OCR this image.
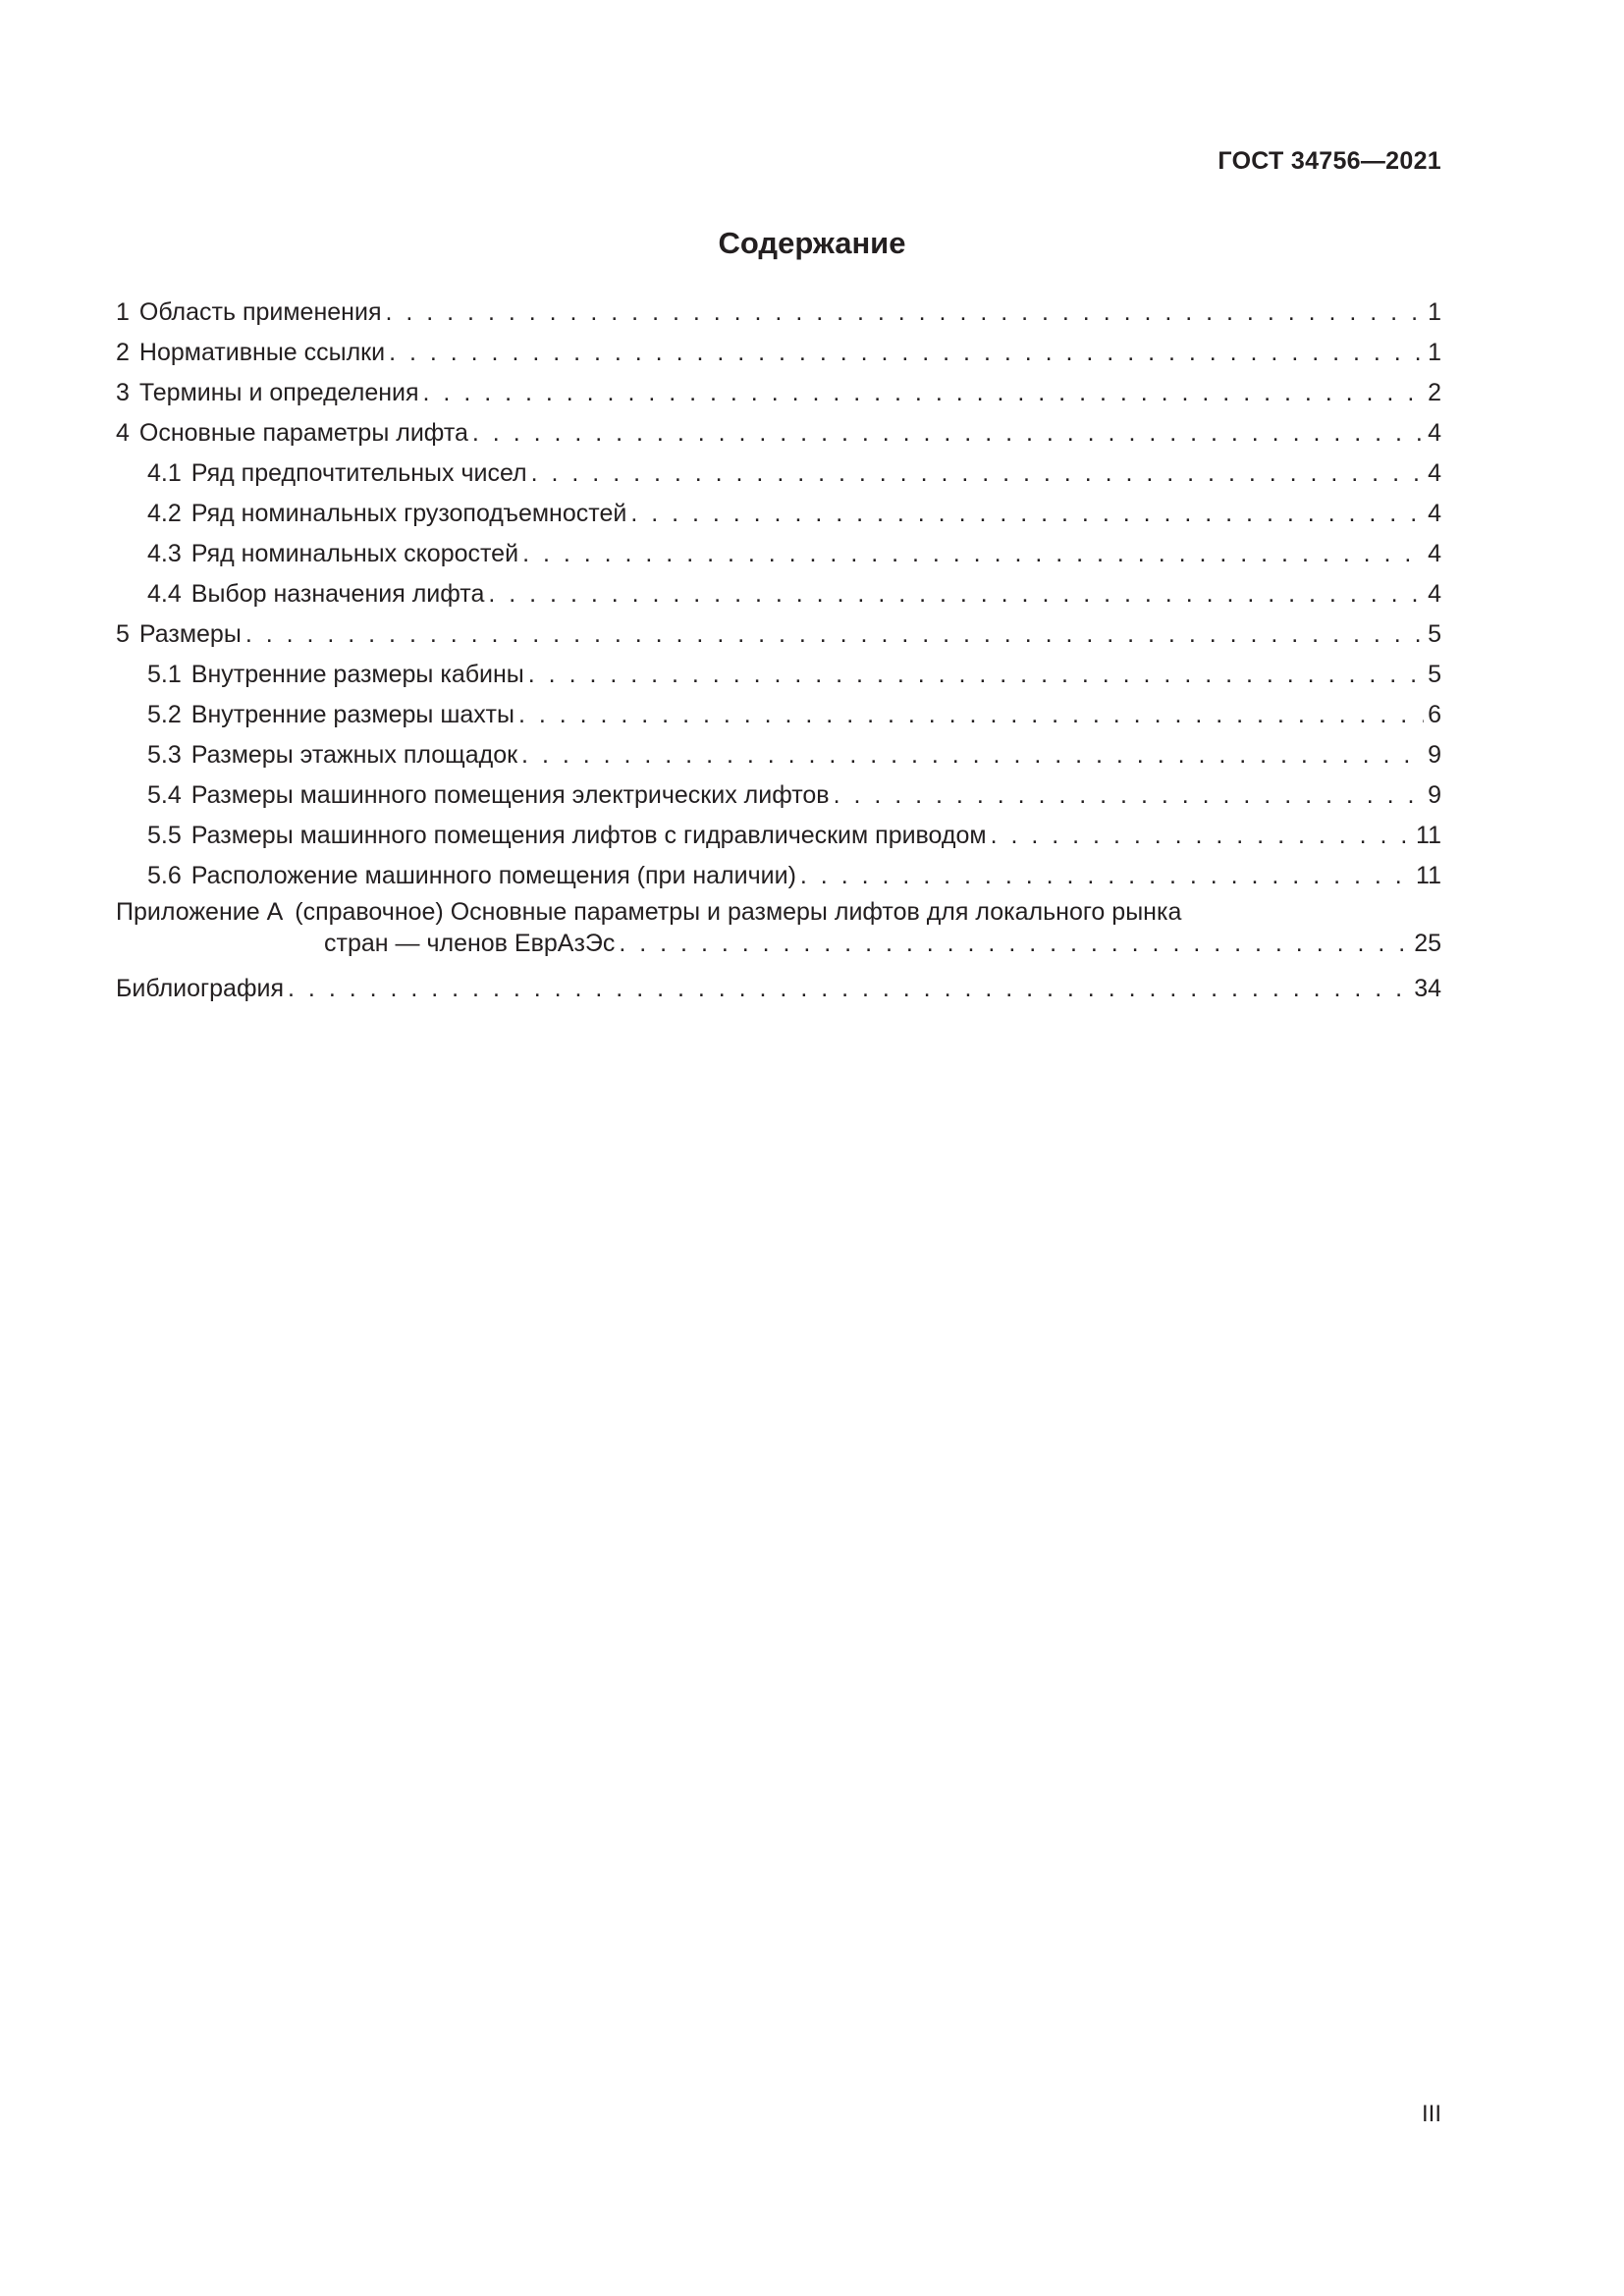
ГОСТ 34756—2021
Содержание
1 Область применения . . .	1
2 Нормативные ссылки . . .	1
3 Термины и определения . . .	2
4 Основные параметры лифта . . .	4
4.1 Ряд предпочтительных чисел . . .	4
4.2 Ряд номинальных грузоподъемностей . . .	4
4.3 Ряд номинальных скоростей . . .	4
4.4 Выбор назначения лифта . . .	4
5 Размеры . . .	5
5.1 Внутренние размеры кабины . . .	5
5.2 Внутренние размеры шахты . . .	6
5.3 Размеры этажных площадок . . .	9
5.4 Размеры машинного помещения электрических лифтов . . .	9
5.5 Размеры машинного помещения лифтов с гидравлическим приводом . . .	11
5.6 Расположение машинного помещения (при наличии) . . .	11
Приложение А (справочное) Основные параметры и размеры лифтов для локального рынка
стран — членов ЕврАзЭс . . .	25
Библиография . . .	34
III
